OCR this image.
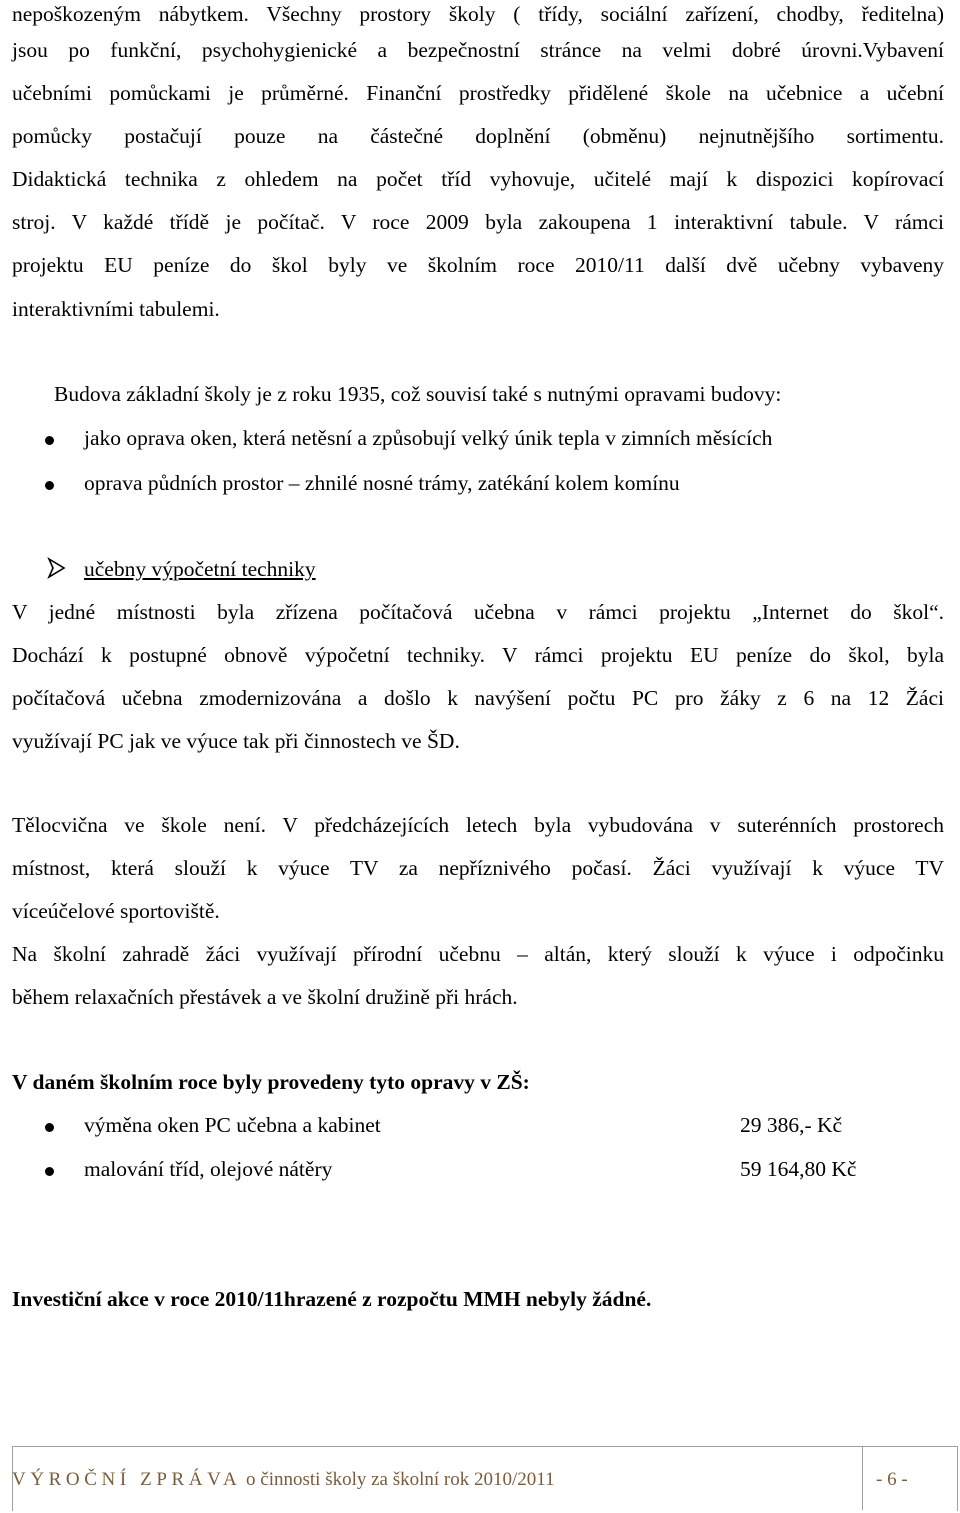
nepoškozeným nábytkem. Všechny prostory školy ( třídy, sociální zařízení, chodby, ředitelna)
jsou po funkční, psychohygienické a bezpečnostní stránce na velmi dobré úrovni.Vybavení
učebními pomůckami je průměrné. Finanční prostředky přidělené škole na učebnice a učební
pomůcky postačují pouze na částečné doplnění (obměnu) nejnutnějšího sortimentu.
Didaktická technika z ohledem na počet tříd vyhovuje, učitelé mají k dispozici kopírovací
stroj. V každé třídě je počítač. V roce 2009 byla zakoupena 1 interaktivní tabule. V rámci
projektu EU peníze do škol byly ve školním roce 2010/11 další dvě učebny vybaveny
interaktivními tabulemi.
Budova základní školy je z roku 1935, což souvisí také s nutnými opravami budovy:
jako oprava oken, která netěsní a způsobují velký únik tepla v zimních měsících
oprava půdních prostor – zhnilé nosné trámy, zatékání kolem komínu
učebny výpočetní techniky
V jedné místnosti byla zřízena počítačová učebna v rámci projektu „Internet do škol“.
Dochází k postupné obnově výpočetní techniky. V rámci projektu EU peníze do škol, byla
počítačová učebna zmodernizována a došlo k navýšení počtu PC pro žáky z 6 na 12 Žáci
využívají PC jak ve výuce tak při činnostech ve ŠD.
Tělocvična ve škole není. V předcházejících letech byla vybudována v suterénních prostorech
místnost, která slouží k výuce TV za nepříznivého počasí. Žáci využívají k výuce TV
víceúčelové sportoviště.
Na školní zahradě žáci využívají přírodní učebnu – altán, který slouží k výuce i odpočinku
během relaxačních přestávek a ve školní družině při hrách.
V daném školním roce byly provedeny tyto opravy v ZŠ:
výměna oken PC učebna a kabinet	29 386,- Kč
malování tříd, olejové nátěry	59 164,80 Kč
Investiční akce v roce 2010/11hrazené z rozpočtu MMH nebyly žádné.
VÝROČNÍ ZPRÁVA o činnosti školy za školní rok 2010/2011	- 6 -
